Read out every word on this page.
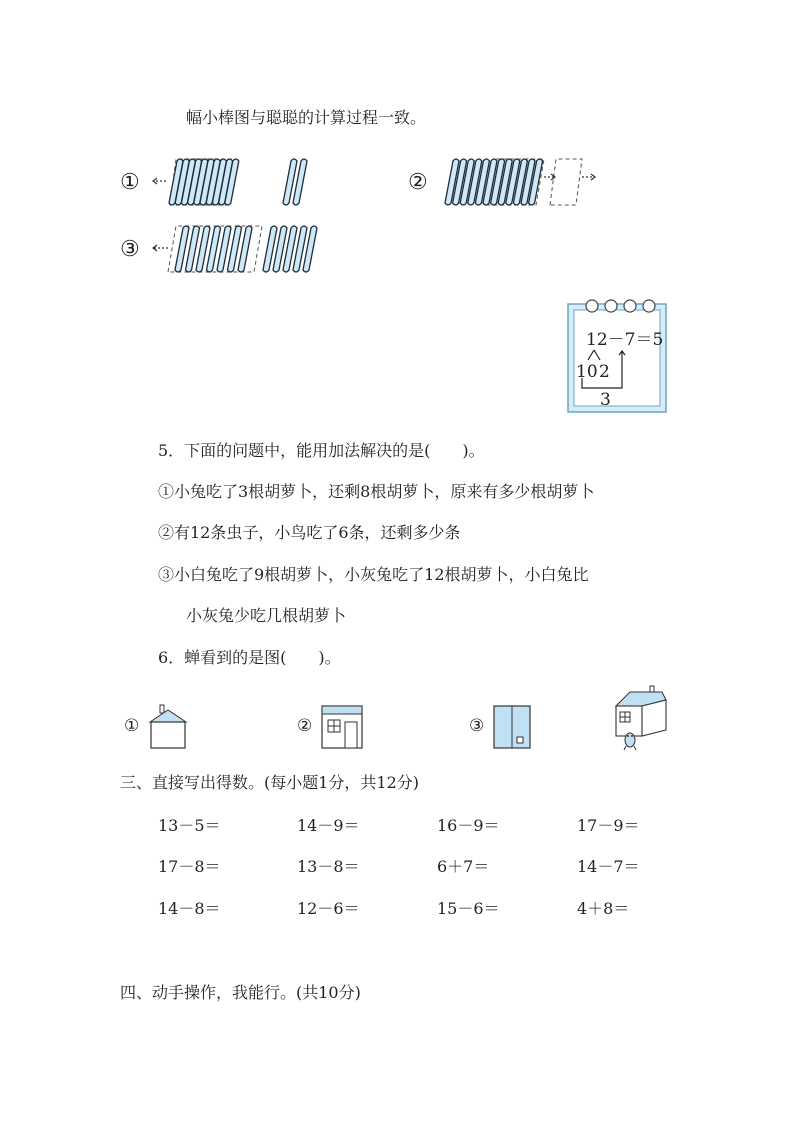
幅小棒图与聪聪的计算过程一致。
①	②
③
12－7＝5
10 2
3
5．下面的问题中，能用加法解决的是(　　)。
①小兔吃了3根胡萝卜，还剩8根胡萝卜，原来有多少根胡萝卜
②有12条虫子，小鸟吃了6条，还剩多少条
③小白兔吃了9根胡萝卜，小灰兔吃了12根胡萝卜，小白兔比
小灰兔少吃几根胡萝卜
6．蝉看到的是图(　　)。
①	②	③
三、直接写出得数。(每小题1分，共12分)
13－5＝	14－9＝	16－9＝	17－9＝
17－8＝	13－8＝	6＋7＝	14－7＝
14－8＝	12－6＝	15－6＝	4＋8＝
四、动手操作，我能行。(共10分)
